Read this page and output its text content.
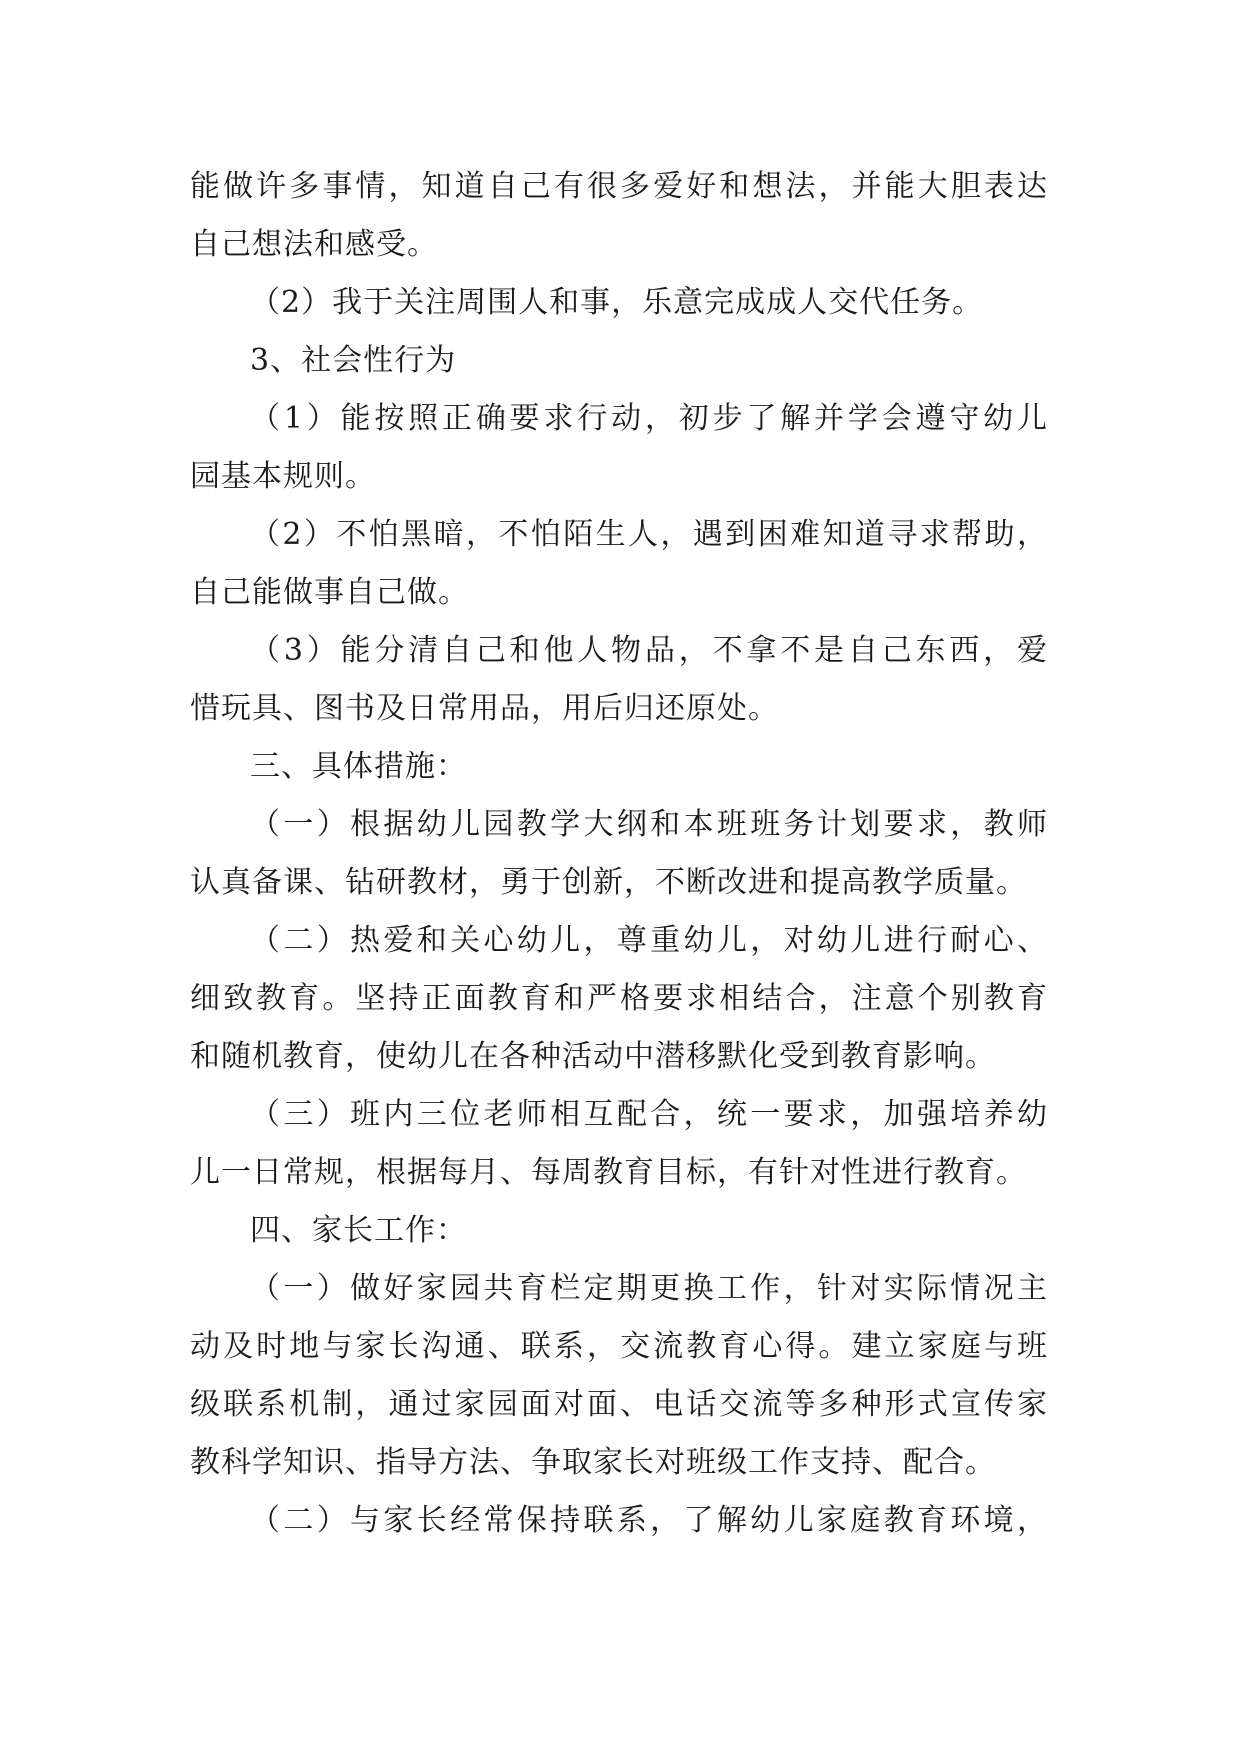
能做许多事情，知道自己有很多爱好和想法，并能大胆表达
自己想法和感受。
（2）我于关注周围人和事，乐意完成成人交代任务。
3、社会性行为
（1）能按照正确要求行动，初步了解并学会遵守幼儿
园基本规则。
（2）不怕黑暗，不怕陌生人，遇到困难知道寻求帮助，
自己能做事自己做。
（3）能分清自己和他人物品，不拿不是自己东西，爱
惜玩具、图书及日常用品，用后归还原处。
三、具体措施：
（一）根据幼儿园教学大纲和本班班务计划要求，教师
认真备课、钻研教材，勇于创新，不断改进和提高教学质量。
（二）热爱和关心幼儿，尊重幼儿，对幼儿进行耐心、
细致教育。坚持正面教育和严格要求相结合，注意个别教育
和随机教育，使幼儿在各种活动中潜移默化受到教育影响。
（三）班内三位老师相互配合，统一要求，加强培养幼
儿一日常规，根据每月、每周教育目标，有针对性进行教育。
四、家长工作：
（一）做好家园共育栏定期更换工作，针对实际情况主
动及时地与家长沟通、联系，交流教育心得。建立家庭与班
级联系机制，通过家园面对面、电话交流等多种形式宣传家
教科学知识、指导方法、争取家长对班级工作支持、配合。
（二）与家长经常保持联系，了解幼儿家庭教育环境，
